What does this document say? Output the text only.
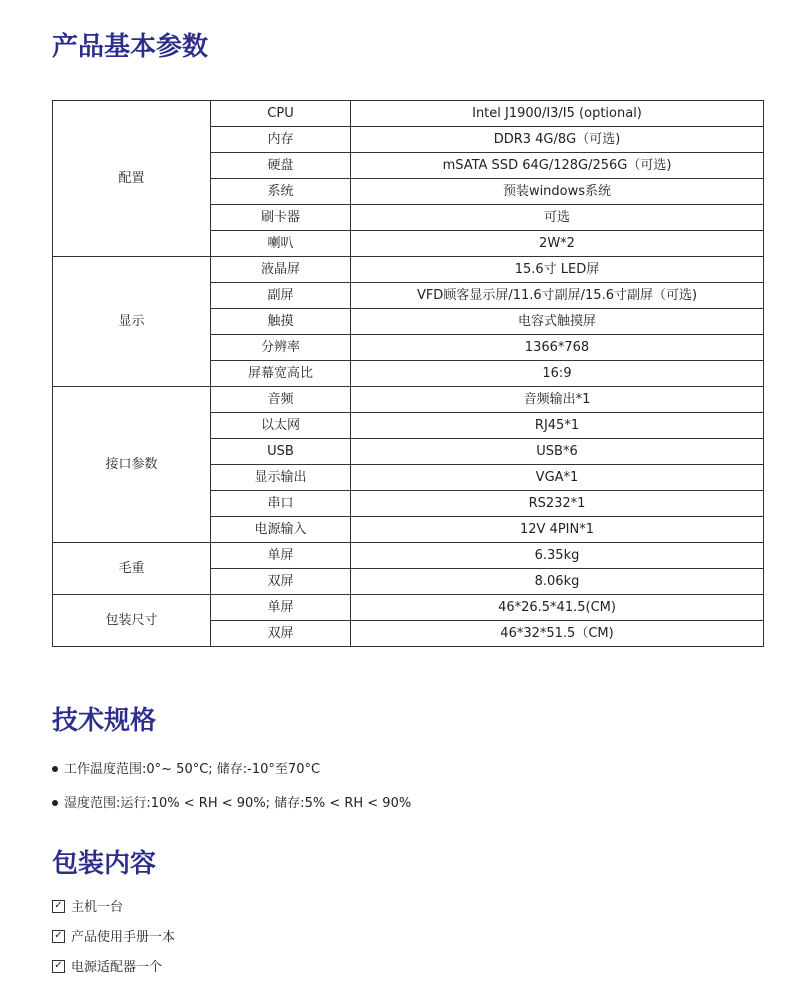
产品基本参数
配置	CPU	Intel J1900/I3/I5 (optional)
	内存	DDR3 4G/8G（可选)
	硬盘	mSATA SSD 64G/128G/256G（可选)
	系统	预装windows系统
	刷卡器	可选
	喇叭	2W*2
显示	液晶屏	15.6寸 LED屏
	副屏	VFD顾客显示屏/11.6寸副屏/15.6寸副屏（可选)
	触摸	电容式触摸屏
	分辨率	1366*768
	屏幕宽高比	16:9
接口参数	音频	音频输出*1
	以太网	RJ45*1
	USB	USB*6
	显示输出	VGA*1
	串口	RS232*1
	电源输入	12V 4PIN*1
毛重	单屏	6.35kg
	双屏	8.06kg
包装尺寸	单屏	46*26.5*41.5(CM)
	双屏	46*32*51.5（CM)
技术规格
工作温度范围:0°~ 50°C; 储存:-10°至70°C
湿度范围:运行:10% < RH < 90%; 储存:5% < RH < 90%
包装内容
✓ 主机一台
✓ 产品使用手册一本
✓ 电源适配器一个
